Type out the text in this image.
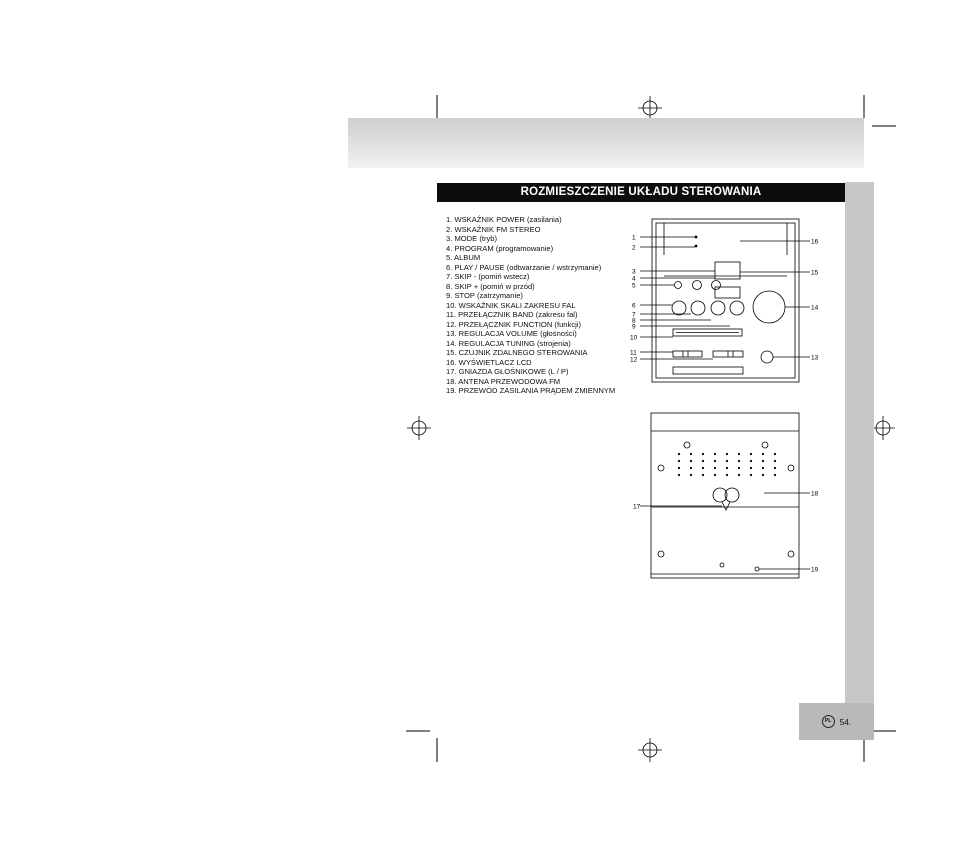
ROZMIESZCZENIE UKŁADU STEROWANIA
1. WSKAŹNIK POWER (zasilania)
2. WSKAŹNIK FM STEREO
3. MODE (tryb)
4. PROGRAM (programowanie)
5. ALBUM
6. PLAY / PAUSE (odtwarzanie / wstrzymanie)
7. SKIP - (pomiń wstecz)
8. SKIP + (pomiń w przód)
9. STOP (zatrzymanie)
10. WSKAŹNIK SKALI ZAKRESU FAL
11. PRZEŁĄCZNIK BAND (zakresu fal)
12. PRZEŁĄCZNIK FUNCTION (funkcji)
13. REGULACJA VOLUME (głośności)
14. REGULACJA TUNING (strojenia)
15. CZUJNIK ZDALNEGO STEROWANIA
16. WYŚWIETLACZ LCD
17. GNIAZDA GŁOŚNIKOWE (L / P)
18. ANTENA PRZEWODOWA FM
19. PRZEWÓD ZASILANIA PRĄDEM ZMIENNYM
1
2
3
4
5
6
7
8
9
10
11
12
16
15
14
13
17
18
19
PL 54.
